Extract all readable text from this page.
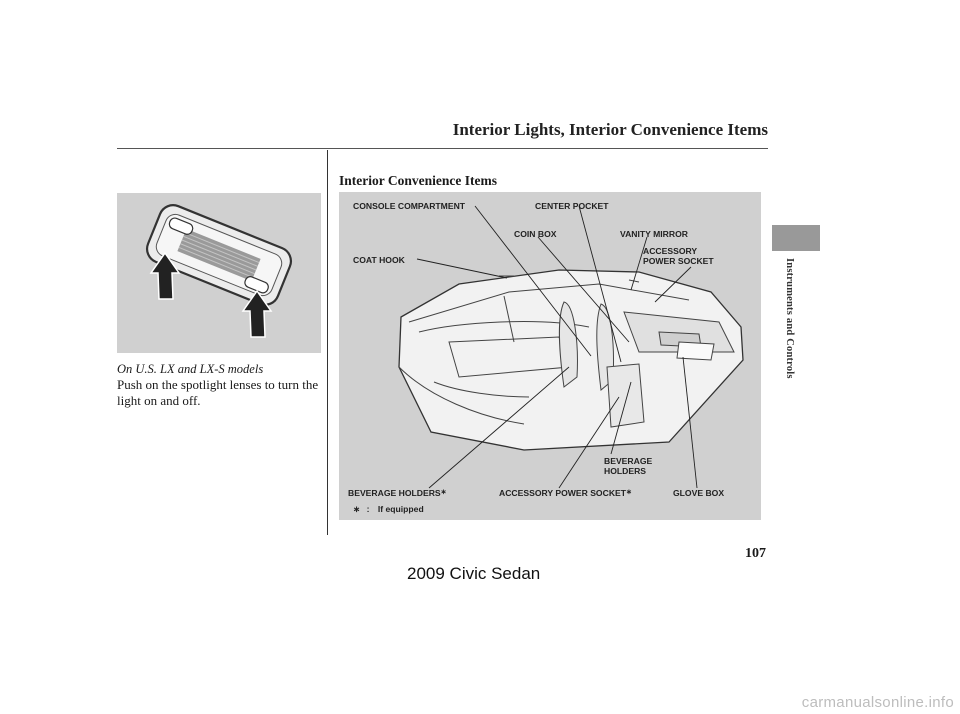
Interior Lights, Interior Convenience Items
On U.S. LX and LX-S models
Push on the spotlight lenses to turn the light on and off.
Interior Convenience Items
CONSOLE COMPARTMENT	CENTER POCKET
COIN BOX	VANITY MIRROR
ACCESSORY
POWER SOCKET
COAT HOOK
BEVERAGE
HOLDERS
BEVERAGE HOLDERS∗	ACCESSORY POWER SOCKET∗	GLOVE BOX
∗ : If equipped
Instruments and Controls
107
2009 Civic Sedan
carmanualsonline.info
